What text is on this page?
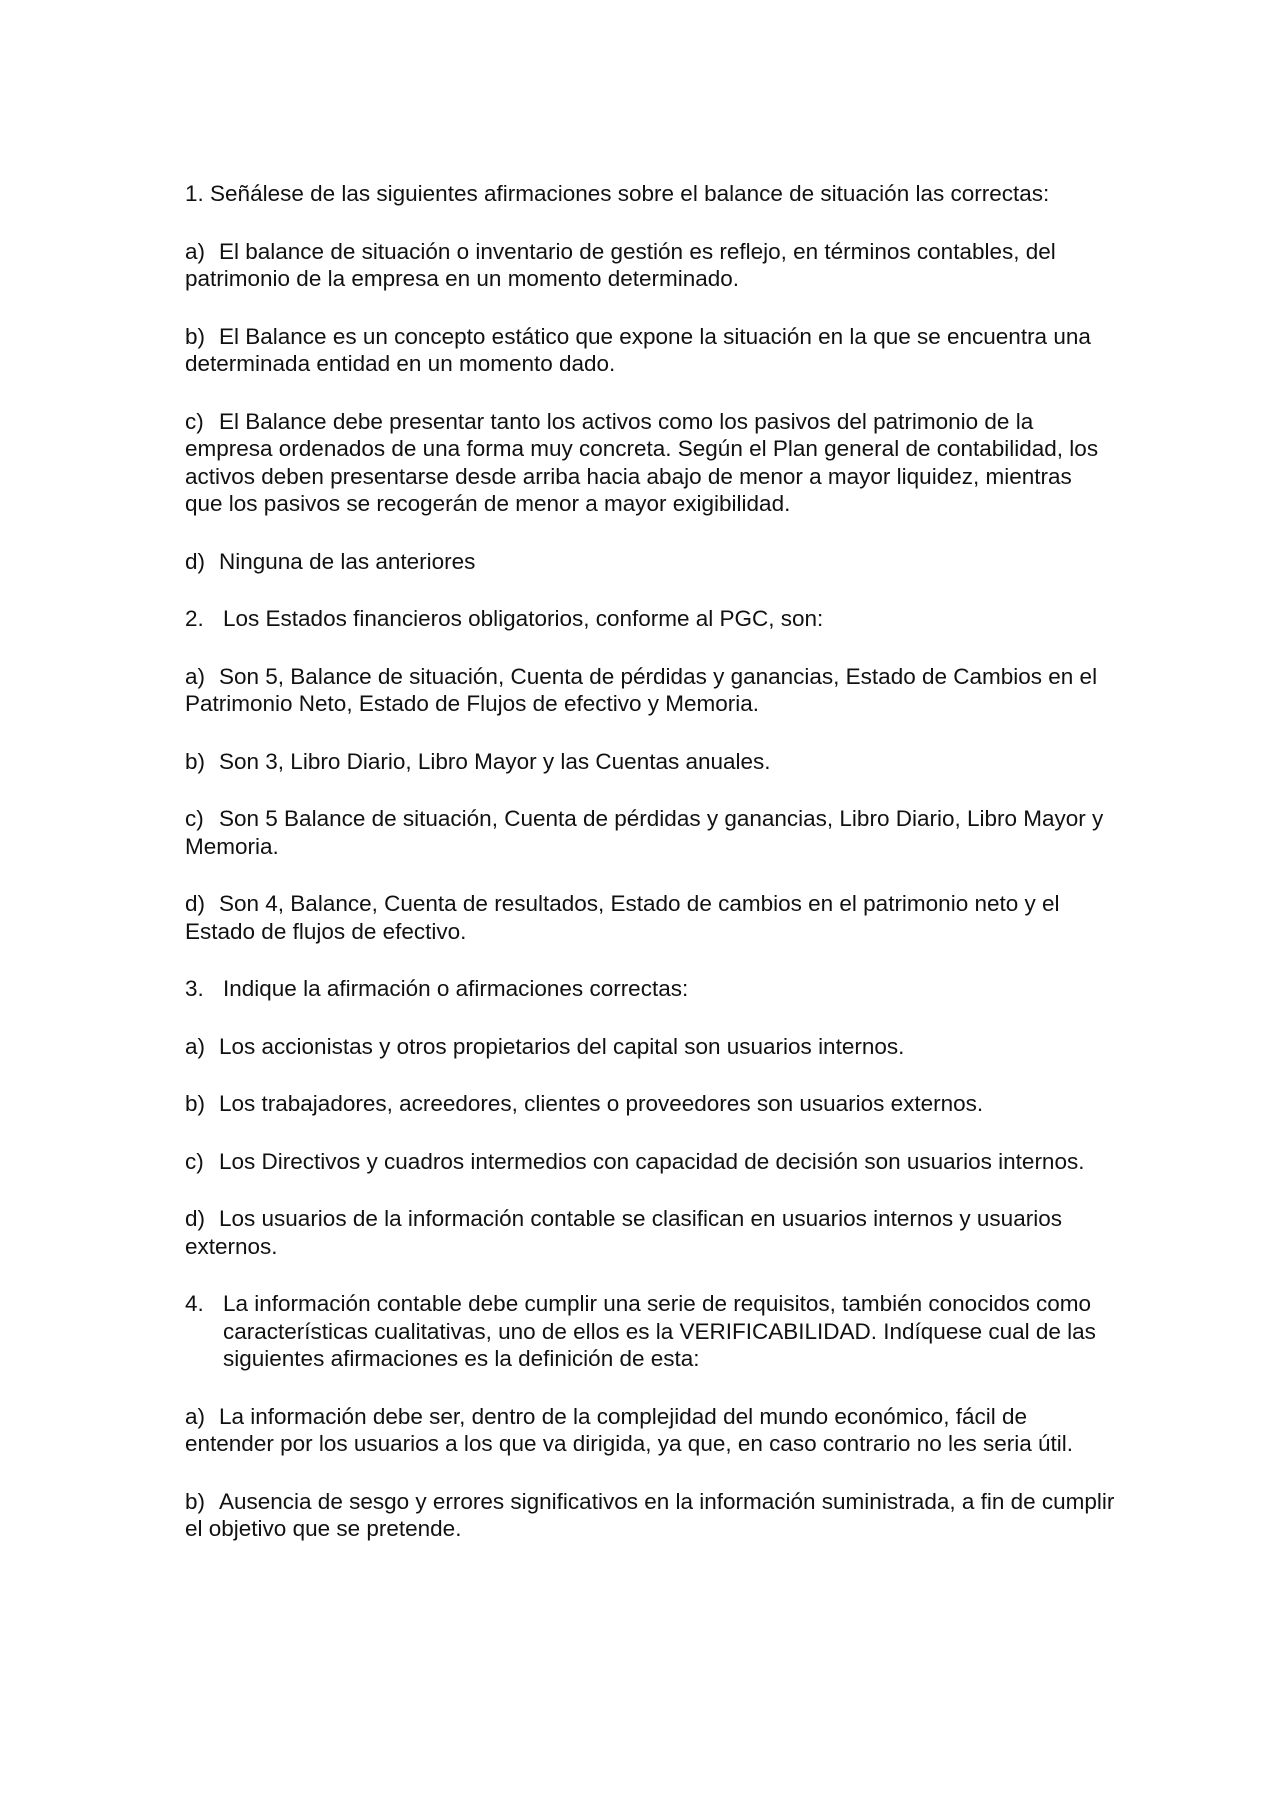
1. Señálese de las siguientes afirmaciones sobre el balance de situación las correctas:
a) El balance de situación o inventario de gestión es reflejo, en términos contables, del patrimonio de la empresa en un momento determinado.
b) El Balance es un concepto estático que expone la situación en la que se encuentra una determinada entidad en un momento dado.
c) El Balance debe presentar tanto los activos como los pasivos del patrimonio de la empresa ordenados de una forma muy concreta. Según el Plan general de contabilidad, los activos deben presentarse desde arriba hacia abajo de menor a mayor liquidez, mientras que los pasivos se recogerán de menor a mayor exigibilidad.
d) Ninguna de las anteriores
2. Los Estados financieros obligatorios, conforme al PGC, son:
a) Son 5, Balance de situación, Cuenta de pérdidas y ganancias, Estado de Cambios en el Patrimonio Neto, Estado de Flujos de efectivo y Memoria.
b) Son 3, Libro Diario, Libro Mayor y las Cuentas anuales.
c) Son 5 Balance de situación, Cuenta de pérdidas y ganancias, Libro Diario, Libro Mayor y Memoria.
d) Son 4, Balance, Cuenta de resultados, Estado de cambios en el patrimonio neto y el Estado de flujos de efectivo.
3. Indique la afirmación o afirmaciones correctas:
a) Los accionistas y otros propietarios del capital son usuarios internos.
b) Los trabajadores, acreedores, clientes o proveedores son usuarios externos.
c) Los Directivos y cuadros intermedios con capacidad de decisión son usuarios internos.
d) Los usuarios de la información contable se clasifican en usuarios internos y usuarios externos.
4. La información contable debe cumplir una serie de requisitos, también conocidos como características cualitativas, uno de ellos es la VERIFICABILIDAD. Indíquese cual de las siguientes afirmaciones es la definición de esta:
a) La información debe ser, dentro de la complejidad del mundo económico, fácil de entender por los usuarios a los que va dirigida, ya que, en caso contrario no les seria útil.
b) Ausencia de sesgo y errores significativos en la información suministrada, a fin de cumplir el objetivo que se pretende.
